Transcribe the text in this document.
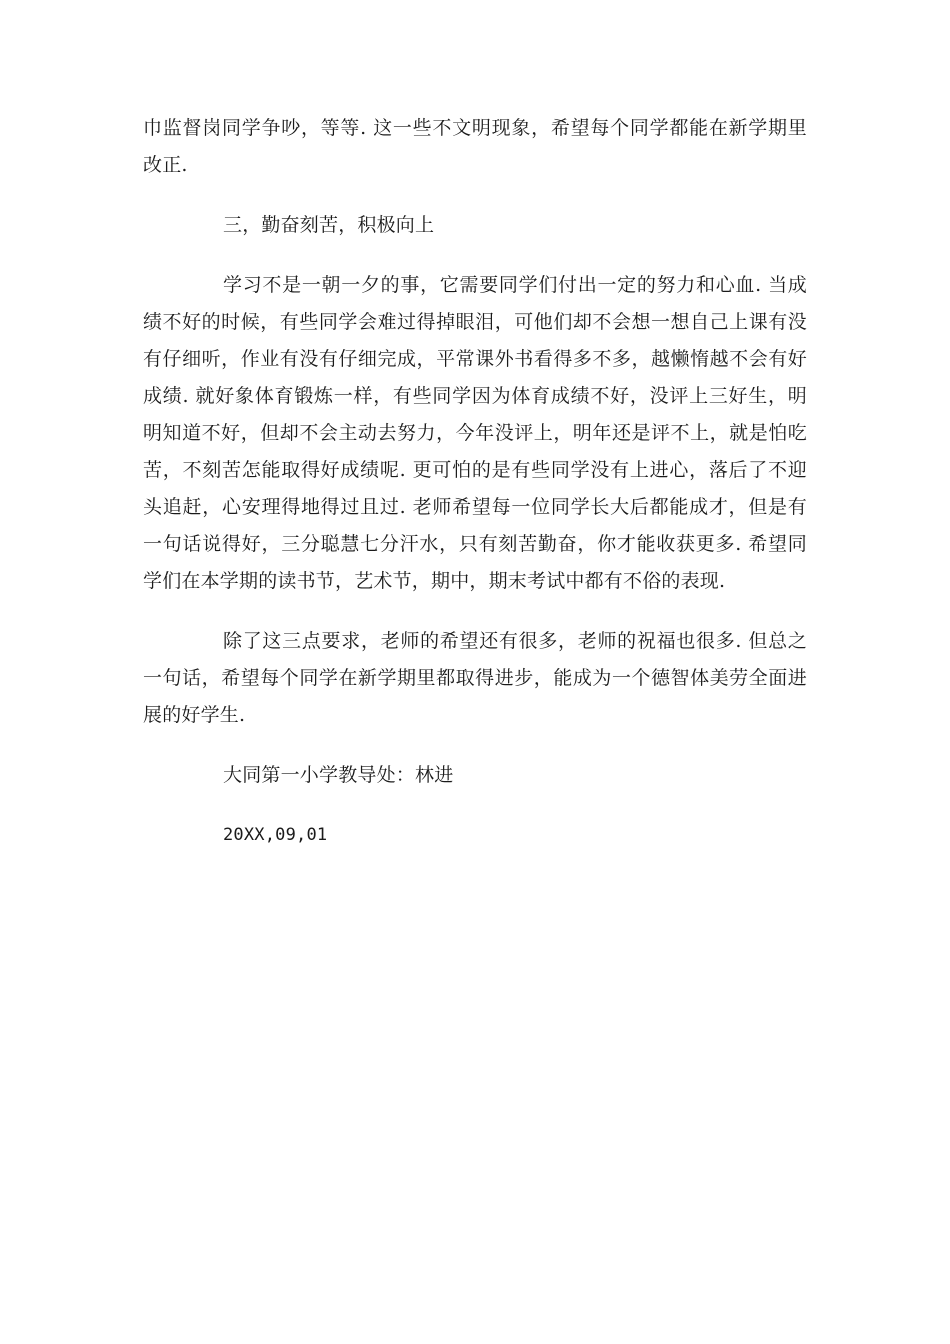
巾监督岗同学争吵，等等. 这一些不文明现象，希望每个同学都能在新学期里改正.

三，勤奋刻苦，积极向上

学习不是一朝一夕的事，它需要同学们付出一定的努力和心血. 当成绩不好的时候，有些同学会难过得掉眼泪，可他们却不会想一想自己上课有没有仔细听，作业有没有仔细完成，平常课外书看得多不多，越懒惰越不会有好成绩. 就好象体育锻炼一样，有些同学因为体育成绩不好，没评上三好生，明明知道不好，但却不会主动去努力，今年没评上，明年还是评不上，就是怕吃苦，不刻苦怎能取得好成绩呢. 更可怕的是有些同学没有上进心，落后了不迎头追赶，心安理得地得过且过. 老师希望每一位同学长大后都能成才，但是有一句话说得好，三分聪慧七分汗水，只有刻苦勤奋，你才能收获更多. 希望同学们在本学期的读书节，艺术节，期中，期末考试中都有不俗的表现.

除了这三点要求，老师的希望还有很多，老师的祝福也很多. 但总之一句话，希望每个同学在新学期里都取得进步，能成为一个德智体美劳全面进展的好学生.

大同第一小学教导处：林进

20XX,09,01
